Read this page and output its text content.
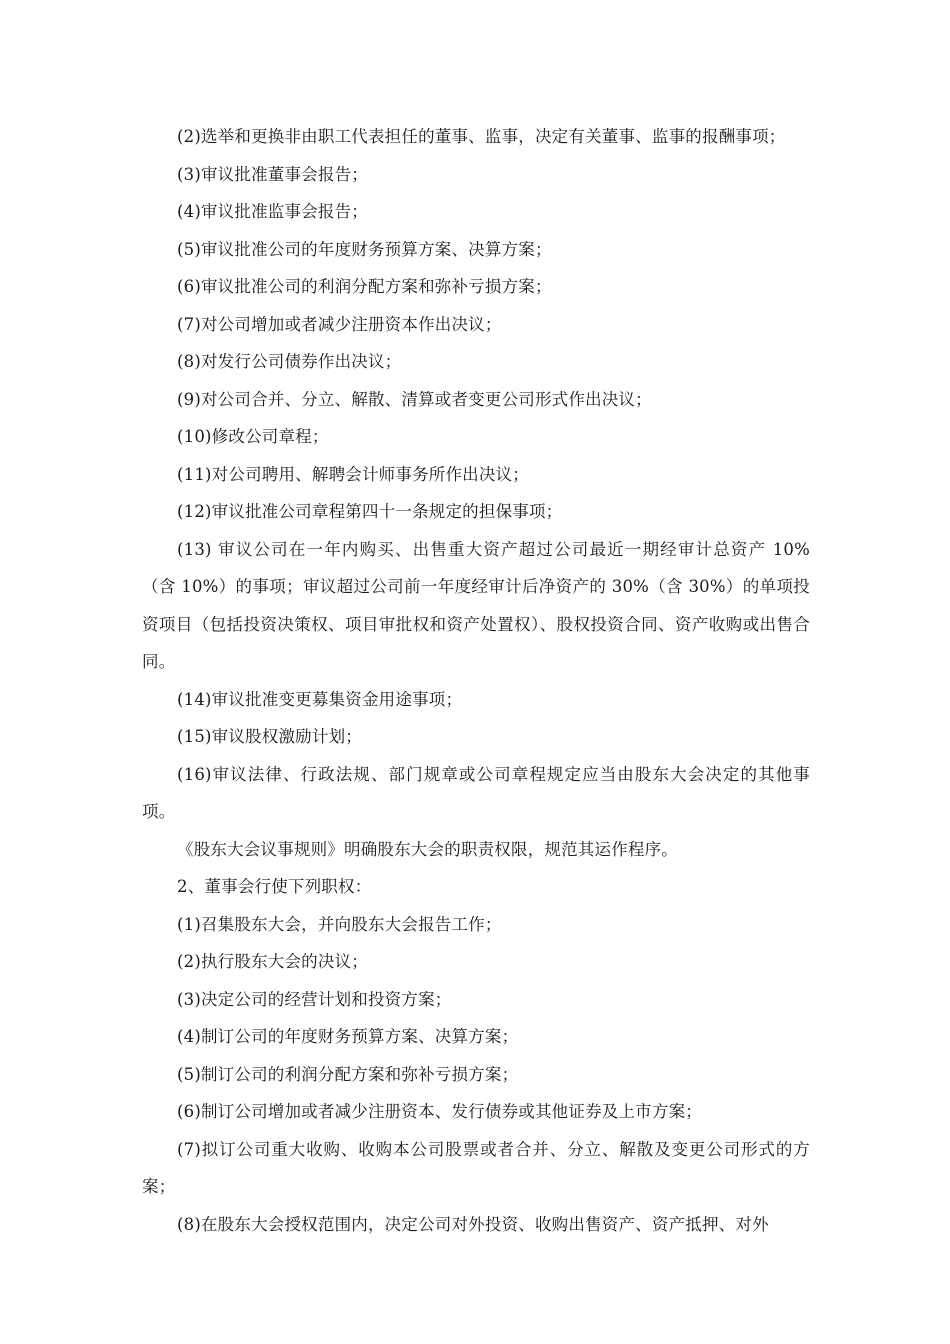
(2)选举和更换非由职工代表担任的董事、监事，决定有关董事、监事的报酬事项；

(3)审议批准董事会报告；

(4)审议批准监事会报告；

(5)审议批准公司的年度财务预算方案、决算方案；

(6)审议批准公司的利润分配方案和弥补亏损方案；

(7)对公司增加或者减少注册资本作出决议；

(8)对发行公司债券作出决议；

(9)对公司合并、分立、解散、清算或者变更公司形式作出决议；

(10)修改公司章程；

(11)对公司聘用、解聘会计师事务所作出决议；

(12)审议批准公司章程第四十一条规定的担保事项；

(13) 审议公司在一年内购买、出售重大资产超过公司最近一期经审计总资产 10%（含 10%）的事项；审议超过公司前一年度经审计后净资产的 30%（含 30%）的单项投资项目（包括投资决策权、项目审批权和资产处置权）、股权投资合同、资产收购或出售合同。

(14)审议批准变更募集资金用途事项；

(15)审议股权激励计划；

(16)审议法律、行政法规、部门规章或公司章程规定应当由股东大会决定的其他事项。

《股东大会议事规则》明确股东大会的职责权限，规范其运作程序。

2、董事会行使下列职权：

(1)召集股东大会，并向股东大会报告工作；

(2)执行股东大会的决议；

(3)决定公司的经营计划和投资方案；

(4)制订公司的年度财务预算方案、决算方案；

(5)制订公司的利润分配方案和弥补亏损方案；

(6)制订公司增加或者减少注册资本、发行债券或其他证券及上市方案；

(7)拟订公司重大收购、收购本公司股票或者合并、分立、解散及变更公司形式的方案；

(8)在股东大会授权范围内，决定公司对外投资、收购出售资产、资产抵押、对外
